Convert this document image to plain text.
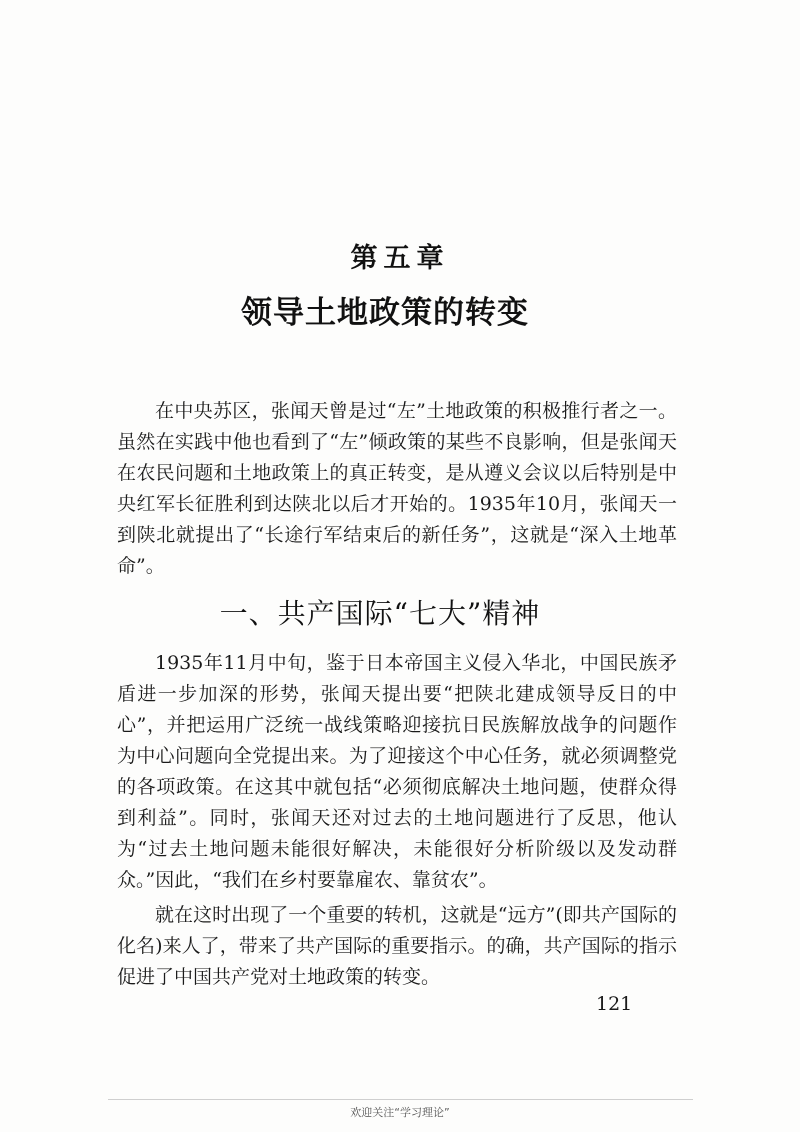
第五章
领导土地政策的转变

在中央苏区，张闻天曾是过“左”土地政策的积极推行者之一。虽然在实践中他也看到了“左”倾政策的某些不良影响，但是张闻天在农民问题和土地政策上的真正转变，是从遵义会议以后特别是中央红军长征胜利到达陕北以后才开始的。1935年10月，张闻天一到陕北就提出了“长途行军结束后的新任务”，这就是“深入土地革命”。

一、共产国际“七大”精神

1935年11月中旬，鉴于日本帝国主义侵入华北，中国民族矛盾进一步加深的形势，张闻天提出要“把陕北建成领导反日的中心”，并把运用广泛统一战线策略迎接抗日民族解放战争的问题作为中心问题向全党提出来。为了迎接这个中心任务，就必须调整党的各项政策。在这其中就包括“必须彻底解决土地问题，使群众得到利益”。同时，张闻天还对过去的土地问题进行了反思，他认为“过去土地问题未能很好解决，未能很好分析阶级以及发动群众。”因此，“我们在乡村要靠雇农、靠贫农”。

就在这时出现了一个重要的转机，这就是“远方”(即共产国际的化名)来人了，带来了共产国际的重要指示。的确，共产国际的指示促进了中国共产党对土地政策的转变。

121
欢迎关注“学习理论”
